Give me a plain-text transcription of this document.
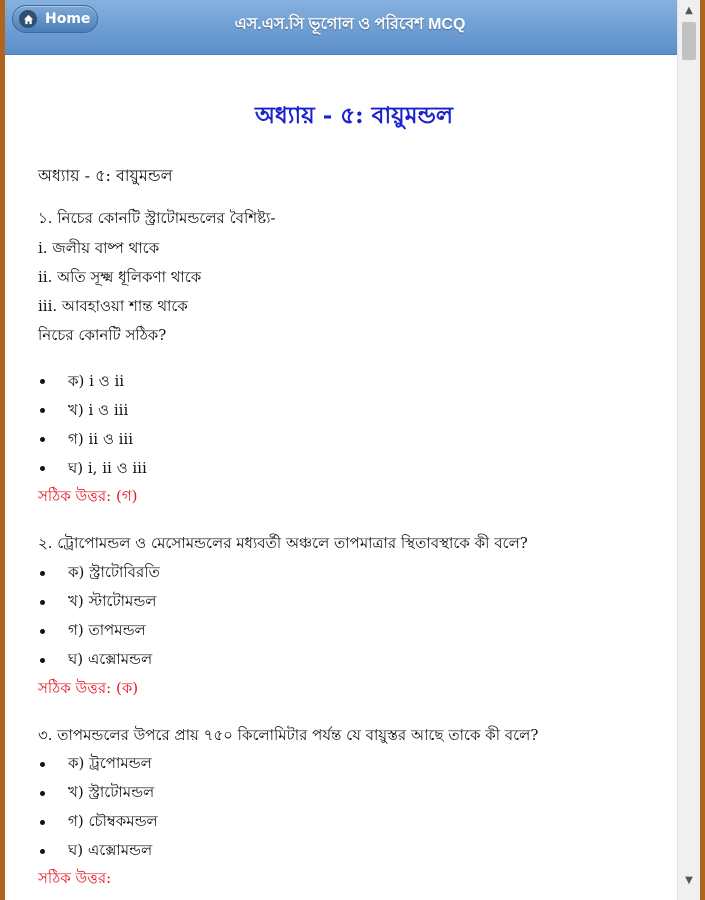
Home	এস.এস.সি ভূগোল ও পরিবেশ MCQ
▲
▼
অধ্যায় - ৫: বায়ুমন্ডল
অধ্যায় - ৫: বায়ুমন্ডল
১. নিচের কোনটি স্ট্রাটোমন্ডলের বৈশিষ্ট্য-
i. জলীয় বাষ্প থাকে
ii. অতি সূক্ষ্ম ধূলিকণা থাকে
iii. আবহাওয়া শান্ত থাকে
নিচের কোনটি সঠিক?
ক) i ও ii
খ) i ও iii
গ) ii ও iii
ঘ) i, ii ও iii
সঠিক উত্তর: (গ)
২. ট্রোপোমন্ডল ও মেসোমন্ডলের মধ্যবর্তী অঞ্চলে তাপমাত্রার স্থিতাবস্থাকে কী বলে?
ক) স্ট্রাটোবিরতি
খ) স্টাটোমন্ডল
গ) তাপমন্ডল
ঘ) এক্সোমন্ডল
সঠিক উত্তর: (ক)
৩. তাপমন্ডলের উপরে প্রায় ৭৫০ কিলোমিটার পর্যন্ত যে বায়ুস্তর আছে তাকে কী বলে?
ক) ট্রপোমন্ডল
খ) স্ট্রাটোমন্ডল
গ) চৌম্বকমন্ডল
ঘ) এক্সোমন্ডল
সঠিক উত্তর:
